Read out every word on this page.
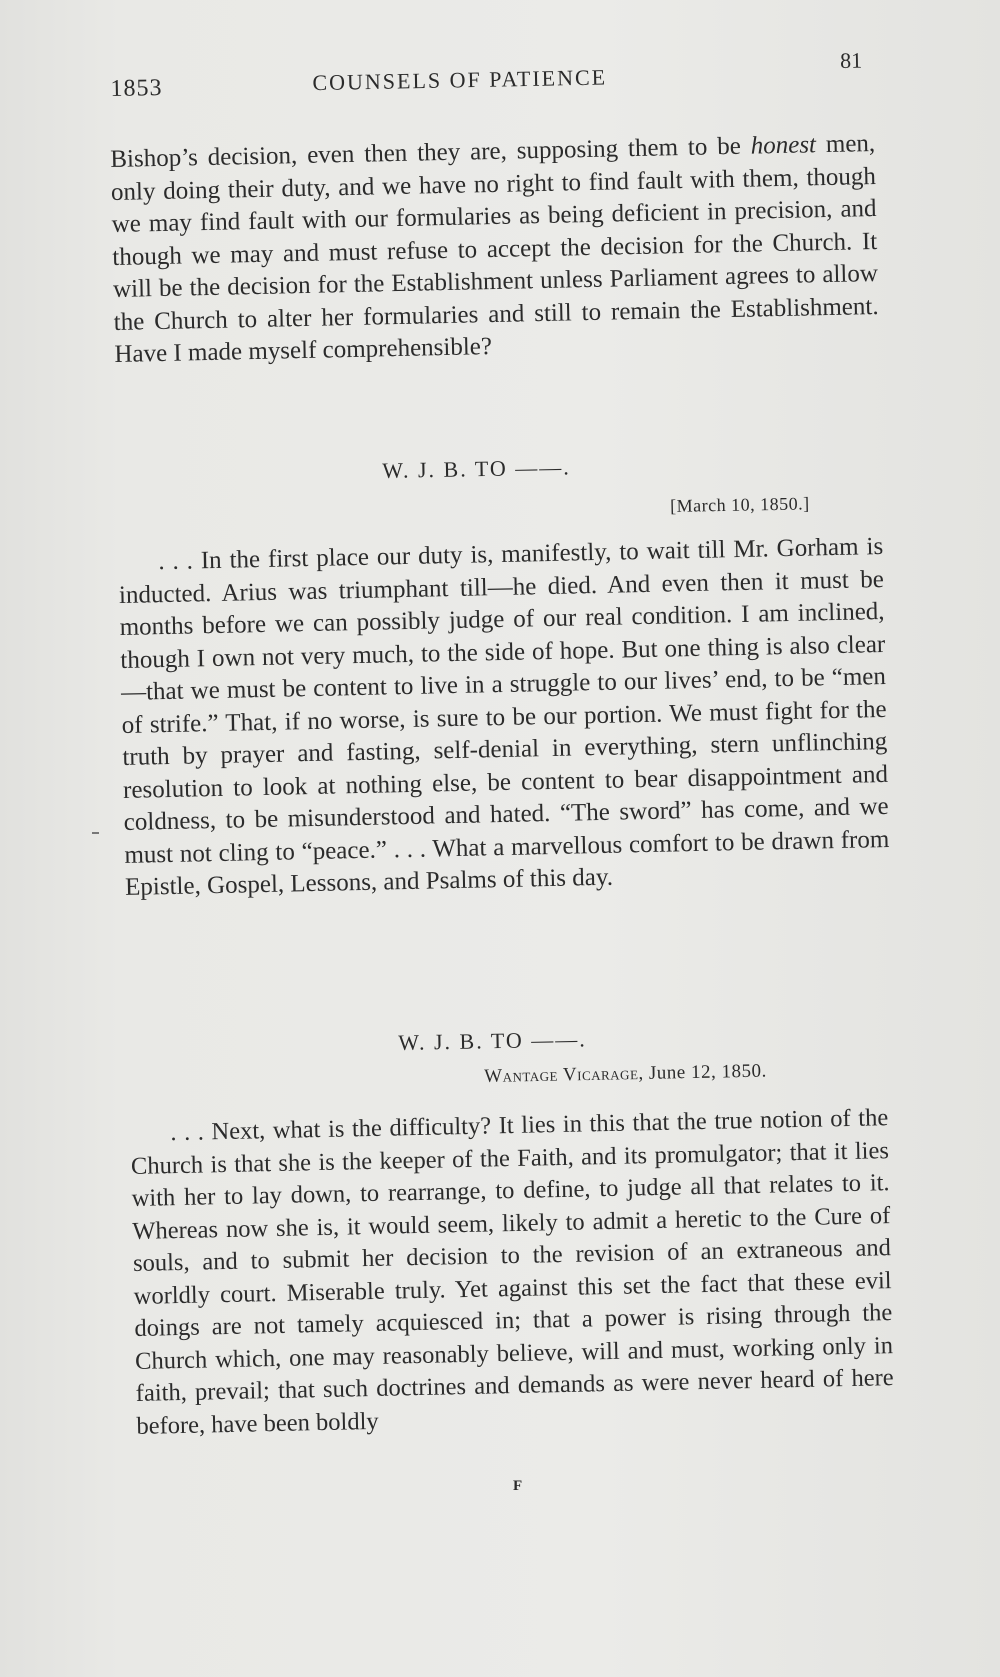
1853	COUNSELS OF PATIENCE
81

Bishop’s decision, even then they are, supposing them to be honest men, only doing their duty, and we have no right to find fault with them, though we may find fault with our formularies as being deficient in precision, and though we may and must refuse to accept the decision for the Church. It will be the decision for the Establishment unless Parliament agrees to allow the Church to alter her formularies and still to remain the Establishment. Have I made myself comprehensible?

W. J. B. TO ——.
[March 10, 1850.]

. . . In the first place our duty is, manifestly, to wait till Mr. Gorham is inducted. Arius was triumphant till—he died. And even then it must be months before we can possibly judge of our real condition. I am inclined, though I own not very much, to the side of hope. But one thing is also clear—that we must be content to live in a struggle to our lives’ end, to be “men of strife.” That, if no worse, is sure to be our portion. We must fight for the truth by prayer and fasting, self-denial in everything, stern unflinching resolution to look at nothing else, be content to bear disappointment and coldness, to be misunderstood and hated. “The sword” has come, and we must not cling to “peace.” . . . What a marvellous comfort to be drawn from Epistle, Gospel, Lessons, and Psalms of this day.

W. J. B. TO ——.
Wantage Vicarage, June 12, 1850.

. . . Next, what is the difficulty? It lies in this that the true notion of the Church is that she is the keeper of the Faith, and its promulgator; that it lies with her to lay down, to rearrange, to define, to judge all that relates to it. Whereas now she is, it would seem, likely to admit a heretic to the Cure of souls, and to submit her decision to the revision of an extraneous and worldly court. Miserable truly. Yet against this set the fact that these evil doings are not tamely acquiesced in; that a power is rising through the Church which, one may reasonably believe, will and must, working only in faith, prevail; that such doctrines and demands as were never heard of here before, have been boldly

F
